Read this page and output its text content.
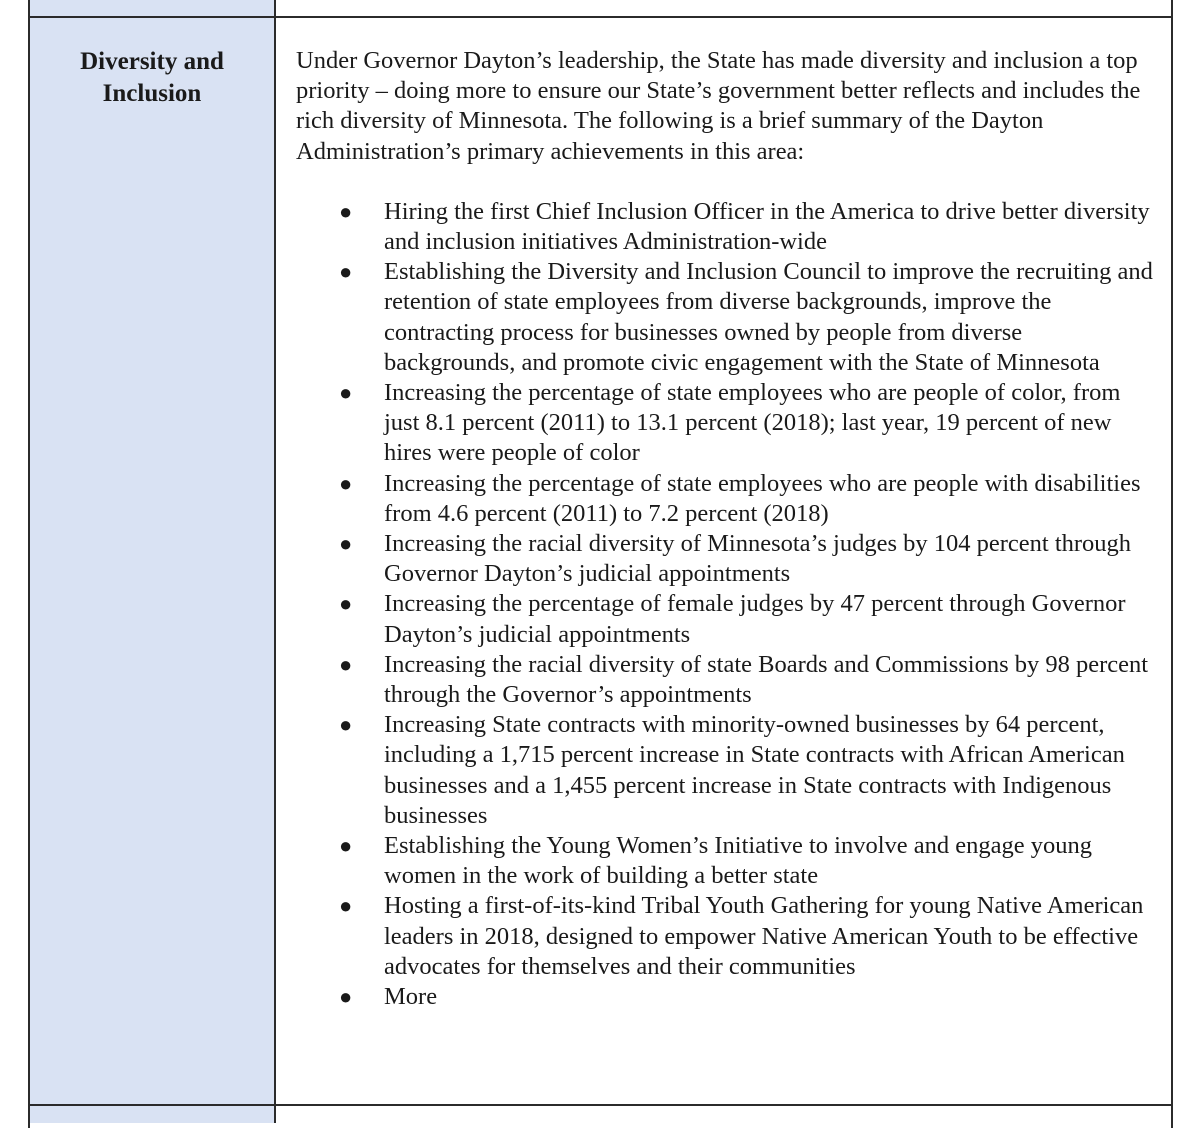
Diversity and
Inclusion

Under Governor Dayton’s leadership, the State has made diversity and inclusion a top priority – doing more to ensure our State’s government better reflects and includes the rich diversity of Minnesota. The following is a brief summary of the Dayton Administration’s primary achievements in this area:

● Hiring the first Chief Inclusion Officer in the America to drive better diversity and inclusion initiatives Administration-wide
● Establishing the Diversity and Inclusion Council to improve the recruiting and retention of state employees from diverse backgrounds, improve the contracting process for businesses owned by people from diverse backgrounds, and promote civic engagement with the State of Minnesota
● Increasing the percentage of state employees who are people of color, from just 8.1 percent (2011) to 13.1 percent (2018); last year, 19 percent of new hires were people of color
● Increasing the percentage of state employees who are people with disabilities from 4.6 percent (2011) to 7.2 percent (2018)
● Increasing the racial diversity of Minnesota’s judges by 104 percent through Governor Dayton’s judicial appointments
● Increasing the percentage of female judges by 47 percent through Governor Dayton’s judicial appointments
● Increasing the racial diversity of state Boards and Commissions by 98 percent through the Governor’s appointments
● Increasing State contracts with minority-owned businesses by 64 percent, including a 1,715 percent increase in State contracts with African American businesses and a 1,455 percent increase in State contracts with Indigenous businesses
● Establishing the Young Women’s Initiative to involve and engage young women in the work of building a better state
● Hosting a first-of-its-kind Tribal Youth Gathering for young Native American leaders in 2018, designed to empower Native American Youth to be effective advocates for themselves and their communities
● More
